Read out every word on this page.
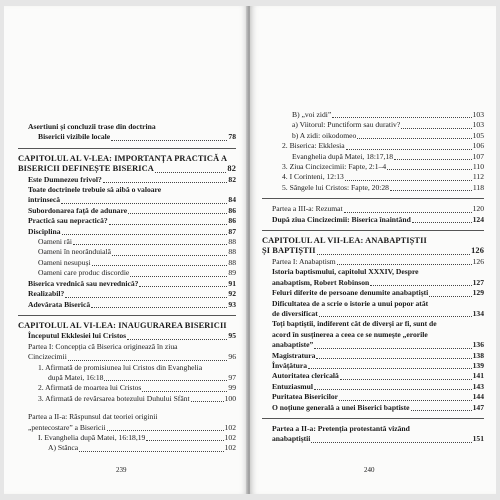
Asertiuni și concluzii trase din doctrina
Bisericii vizibile locale	78
CAPITOLUL AL V-LEA: IMPORTANȚA PRACTICĂ A
BISERICII DEFINEȘTE BISERICA	82
Este Dumnezeu frivol?	82
Toate doctrinele trebuie să aibă o valoare
intrinsecă	84
Subordonarea față de adunare	86
Practică sau nepractică?	86
Disciplina	87
Oameni răi	88
Oameni în neorânduială	88
Oameni nesupuși	88
Oameni care produc discordie	89
Biserica vrednică sau nevrednică?	91
Realizabil?	92
Adevărata Biserică	93
CAPITOLUL AL VI-LEA: INAUGURAREA BISERICII
Începutul Ekklesiei lui Cristos	95
Partea I: Concepția că Biserica originează în ziua
Cincizecimii	96
1. Afirmată de promisiunea lui Cristos din Evanghelia
după Matei, 16:18	97
2. Afirmată de moartea lui Cristos	99
3. Afirmată de revărsarea botezului Duhului Sfânt	100
Partea a II-a: Răspunsul dat teoriei originii
„pentecostare” a Bisericii	102
I. Evanghelia după Matei, 16:18,19	102
A) Stânca	102
239
B) „voi zidi”	103
a) Viitorul: Punctiform sau durativ?	103
b) A zidi: oikodomeo	105
2. Biserica: Ekklesia	106
Evanghelia după Matei, 18:17,18	107
3. Ziua Cincizecimii: Fapte, 2:1–4	110
4. I Corinteni, 12:13	112
5. Sângele lui Cristos: Fapte, 20:28	118
Partea a III-a: Rezumat	120
După ziua Cincizecimii: Biserica înaintând	124
CAPITOLUL AL VII-LEA: ANABAPTIȘTII
ȘI BAPTIȘTII	126
Partea I: Anabaptism	126
Istoria baptismului, capitolul XXXIV, Despre
anabaptism, Robert Robinson	127
Feluri diferite de persoane denumite anabaptiști	129
Dificultatea de a scrie o istorie a unui popor atât
de diversificat	134
Toți baptiștii, indiferent cât de diverși ar fi, sunt de
acord în susținerea a ceea ce se numește „erorile
anabaptiste”	136
Magistratura	138
Învățătura	139
Autoritatea clericală	141
Entuziasmul	143
Puritatea Bisericilor	144
O noțiune generală a unei Biserici baptiste	147
Partea a II-a: Pretenția protestantă vizând
anabaptiștii	151
240
